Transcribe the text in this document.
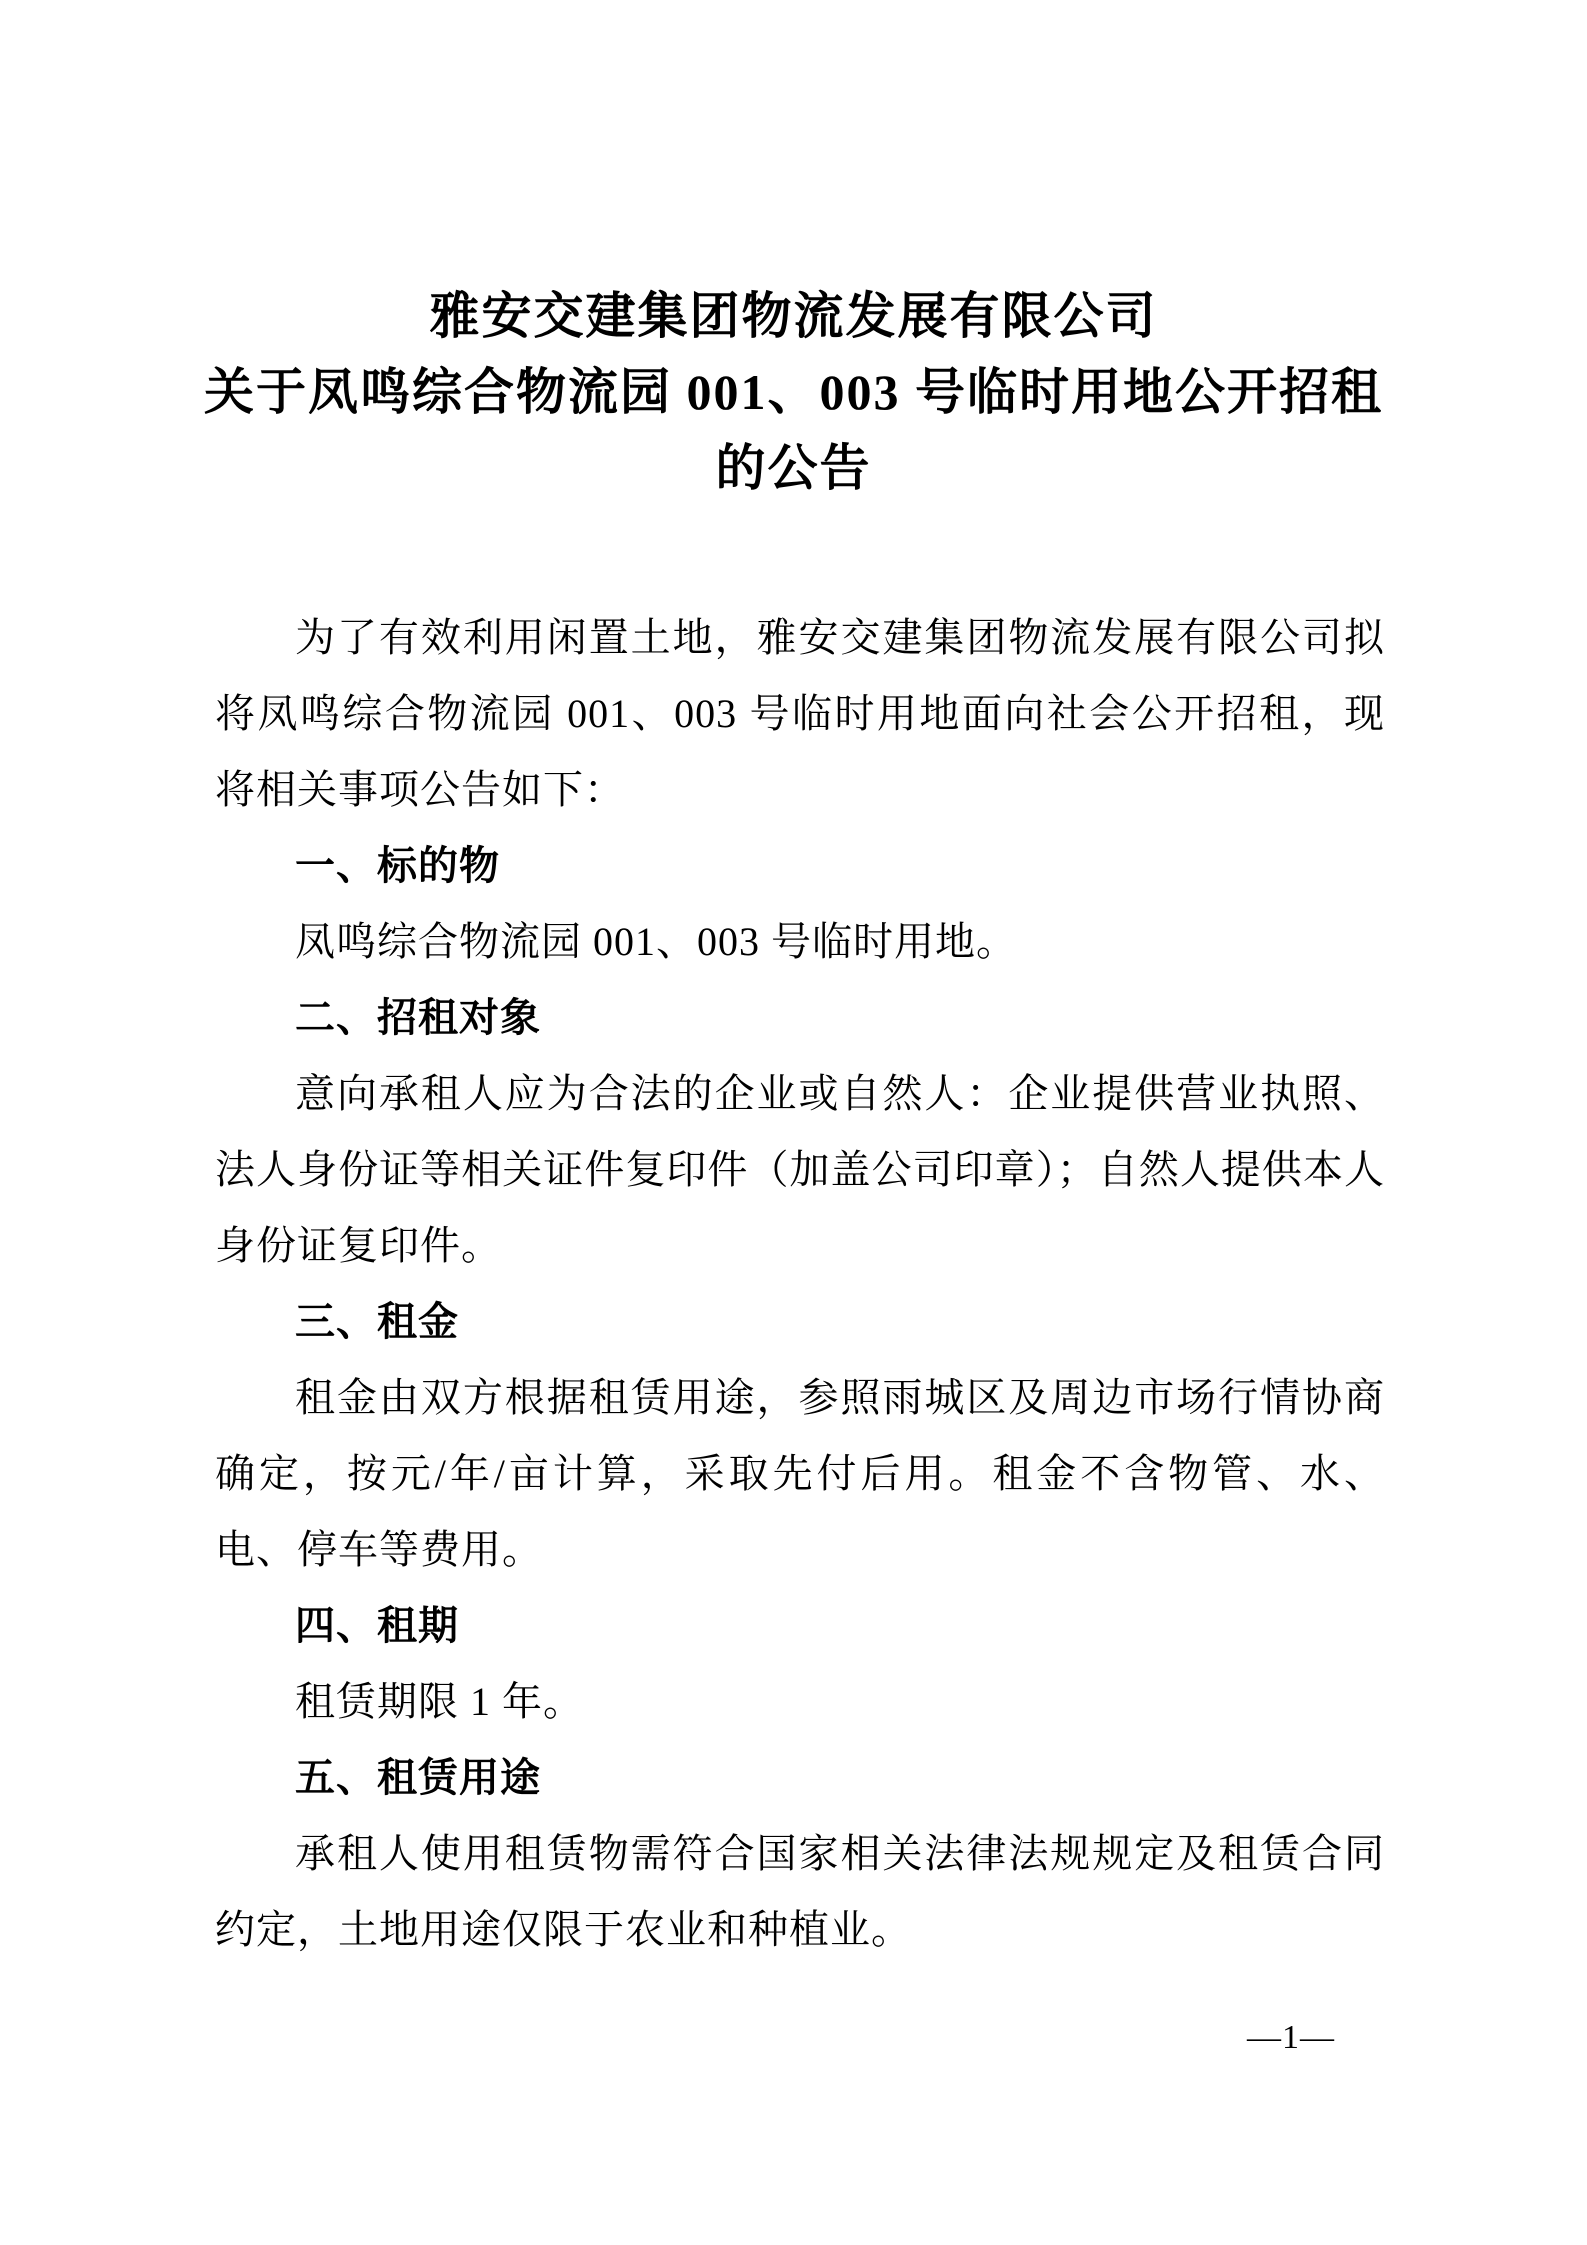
雅安交建集团物流发展有限公司
关于凤鸣综合物流园 001、003 号临时用地公开招租
的公告

为了有效利用闲置土地，雅安交建集团物流发展有限公司拟将凤鸣综合物流园 001、003 号临时用地面向社会公开招租，现将相关事项公告如下：

一、标的物

凤鸣综合物流园 001、003 号临时用地。

二、招租对象

意向承租人应为合法的企业或自然人：企业提供营业执照、法人身份证等相关证件复印件（加盖公司印章）；自然人提供本人身份证复印件。

三、租金

租金由双方根据租赁用途，参照雨城区及周边市场行情协商确定，按元/年/亩计算，采取先付后用。租金不含物管、水、电、停车等费用。

四、租期

租赁期限 1 年。

五、租赁用途

承租人使用租赁物需符合国家相关法律法规规定及租赁合同约定，土地用途仅限于农业和种植业。

—1—
